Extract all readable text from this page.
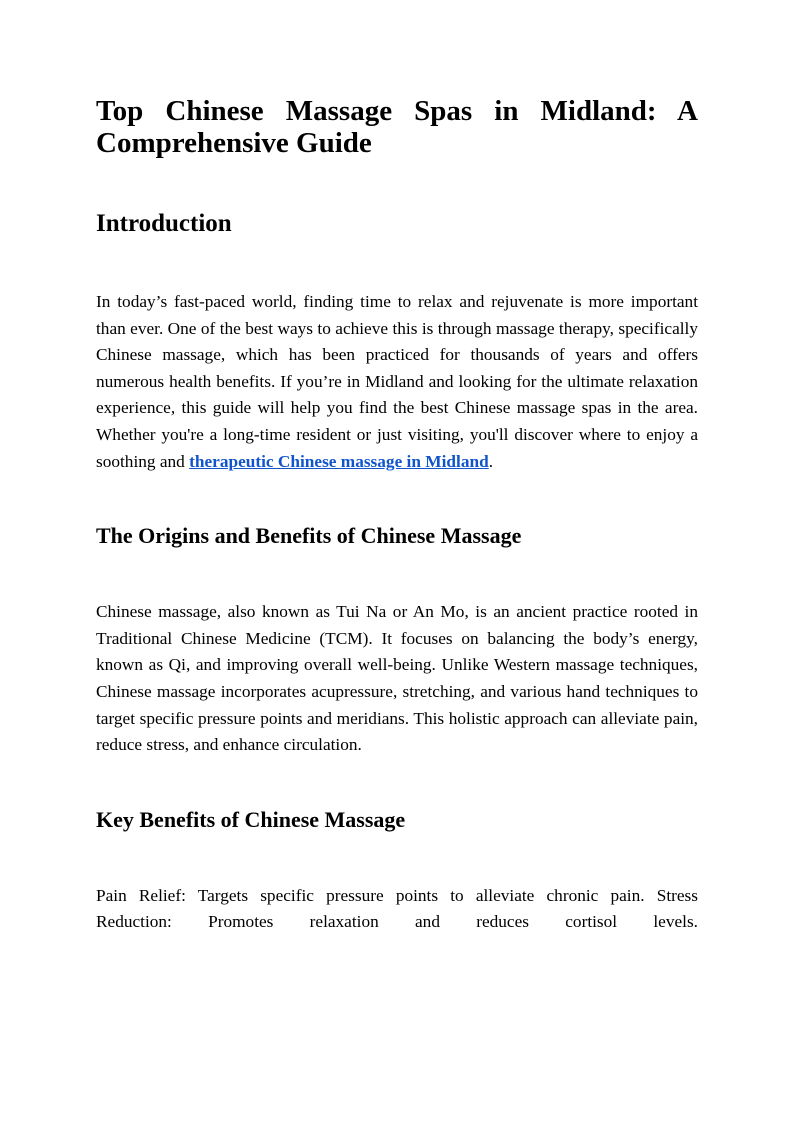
Top Chinese Massage Spas in Midland: A
Comprehensive Guide
Introduction

In today’s fast-paced world, finding time to relax and rejuvenate is more important than ever. One of the best ways to achieve this is through massage therapy, specifically Chinese massage, which has been practiced for thousands of years and offers numerous health benefits. If you’re in Midland and looking for the ultimate relaxation experience, this guide will help you find the best Chinese massage spas in the area. Whether you're a long-time resident or just visiting, you'll discover where to enjoy a soothing and therapeutic Chinese massage in Midland.

The Origins and Benefits of Chinese Massage

Chinese massage, also known as Tui Na or An Mo, is an ancient practice rooted in Traditional Chinese Medicine (TCM). It focuses on balancing the body’s energy, known as Qi, and improving overall well-being. Unlike Western massage techniques, Chinese massage incorporates acupressure, stretching, and various hand techniques to target specific pressure points and meridians. This holistic approach can alleviate pain, reduce stress, and enhance circulation.

Key Benefits of Chinese Massage

Pain Relief: Targets specific pressure points to alleviate chronic pain. Stress Reduction: Promotes relaxation and reduces cortisol levels.
